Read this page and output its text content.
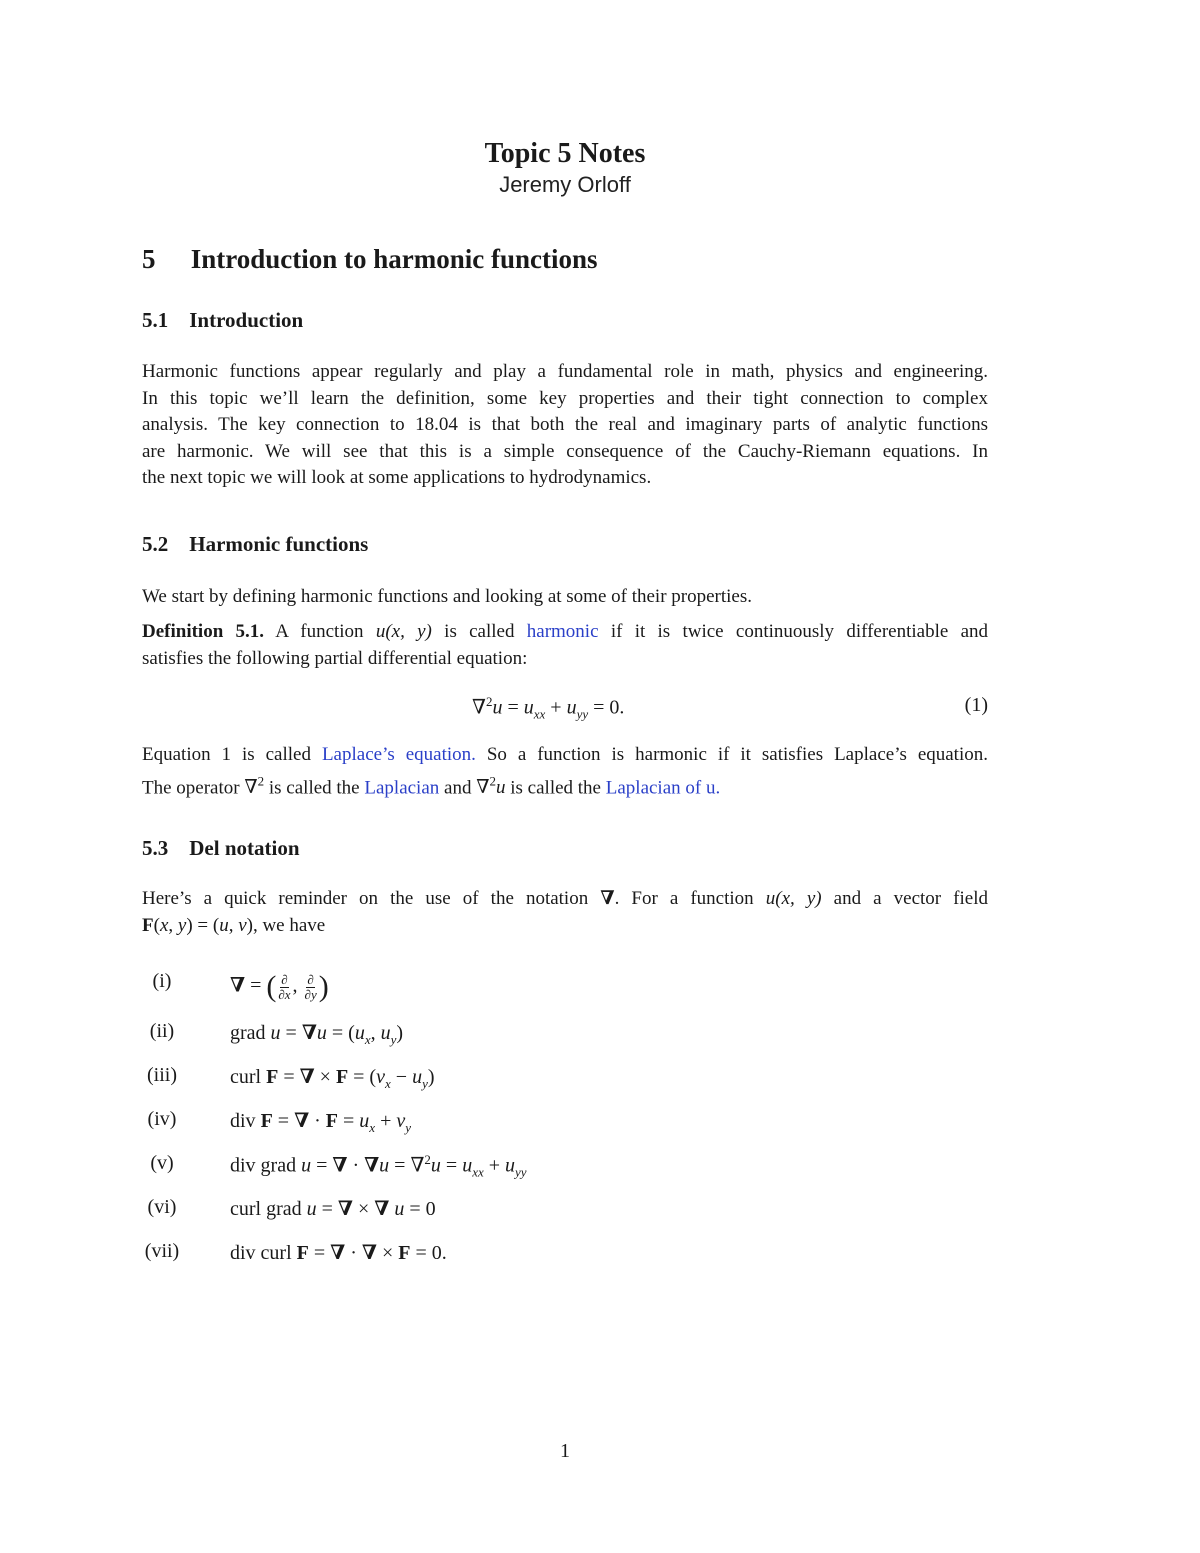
Topic 5 Notes
Jeremy Orloff
5 Introduction to harmonic functions
5.1 Introduction
Harmonic functions appear regularly and play a fundamental role in math, physics and engineering.
In this topic we’ll learn the definition, some key properties and their tight connection to complex
analysis. The key connection to 18.04 is that both the real and imaginary parts of analytic functions
are harmonic. We will see that this is a simple consequence of the Cauchy-Riemann equations. In
the next topic we will look at some applications to hydrodynamics.
5.2 Harmonic functions
We start by defining harmonic functions and looking at some of their properties.
Definition 5.1. A function u(x, y) is called harmonic if it is twice continuously differentiable and
satisfies the following partial differential equation:
$\nabla^2u = u_{xx} + u_{yy} = 0$.	(1)
Equation 1 is called Laplace’s equation. So a function is harmonic if it satisfies Laplace’s equation.
The operator ∇$^2$ is called the Laplacian and ∇$^2$u is called the Laplacian of u.
5.3 Del notation
Here’s a quick reminder on the use of the notation ∇. For a function u(x, y) and a vector field
F(x, y) = (u, v), we have
(i)	∇ = ( $\frac{\partial}{\partial x}$ , $\frac{\partial}{\partial y}$ )
(ii)	grad $u = \nabla u = (u_x$, $u_y$)
(iii)	curl F = ∇ × $F = (v_x - u_y)$
(iv)	div F = ∇ · $F = u_x + v_y$
(v)	div grad u = ∇ · $\nabla u = \nabla^2u = u_{xx} + u_{yy}$
(vi)	curl grad u = ∇ × ∇ u = 0
(vii)	div curl F = ∇ · ∇ × F = 0.
1
